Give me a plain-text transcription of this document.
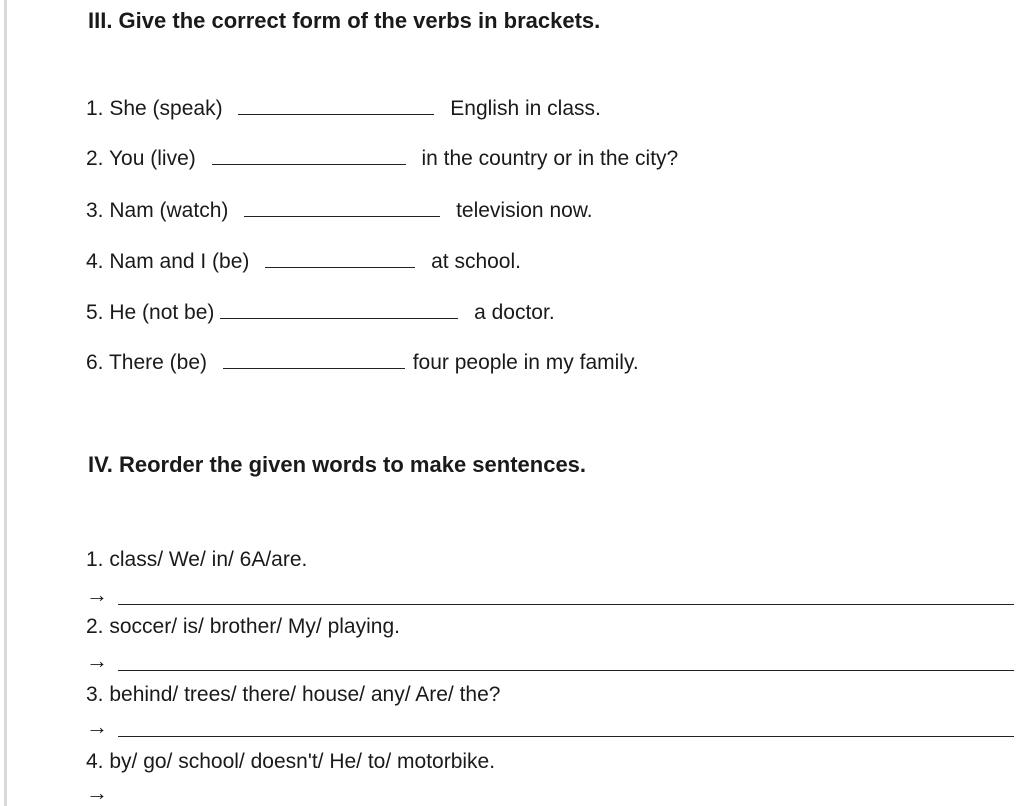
III. Give the correct form of the verbs in brackets.
1. She (speak)	English in class.
2. You (live)	in the country or in the city?
3. Nam (watch)	television now.
4. Nam and I (be)	at school.
5. He (not be)	a doctor.
6. There (be)	four people in my family.
IV. Reorder the given words to make sentences.
1. class/ We/ in/ 6A/are.
→
2. soccer/ is/ brother/ My/ playing.
→
3. behind/ trees/ there/ house/ any/ Are/ the?
→
4. by/ go/ school/ doesn't/ He/ to/ motorbike.
→
